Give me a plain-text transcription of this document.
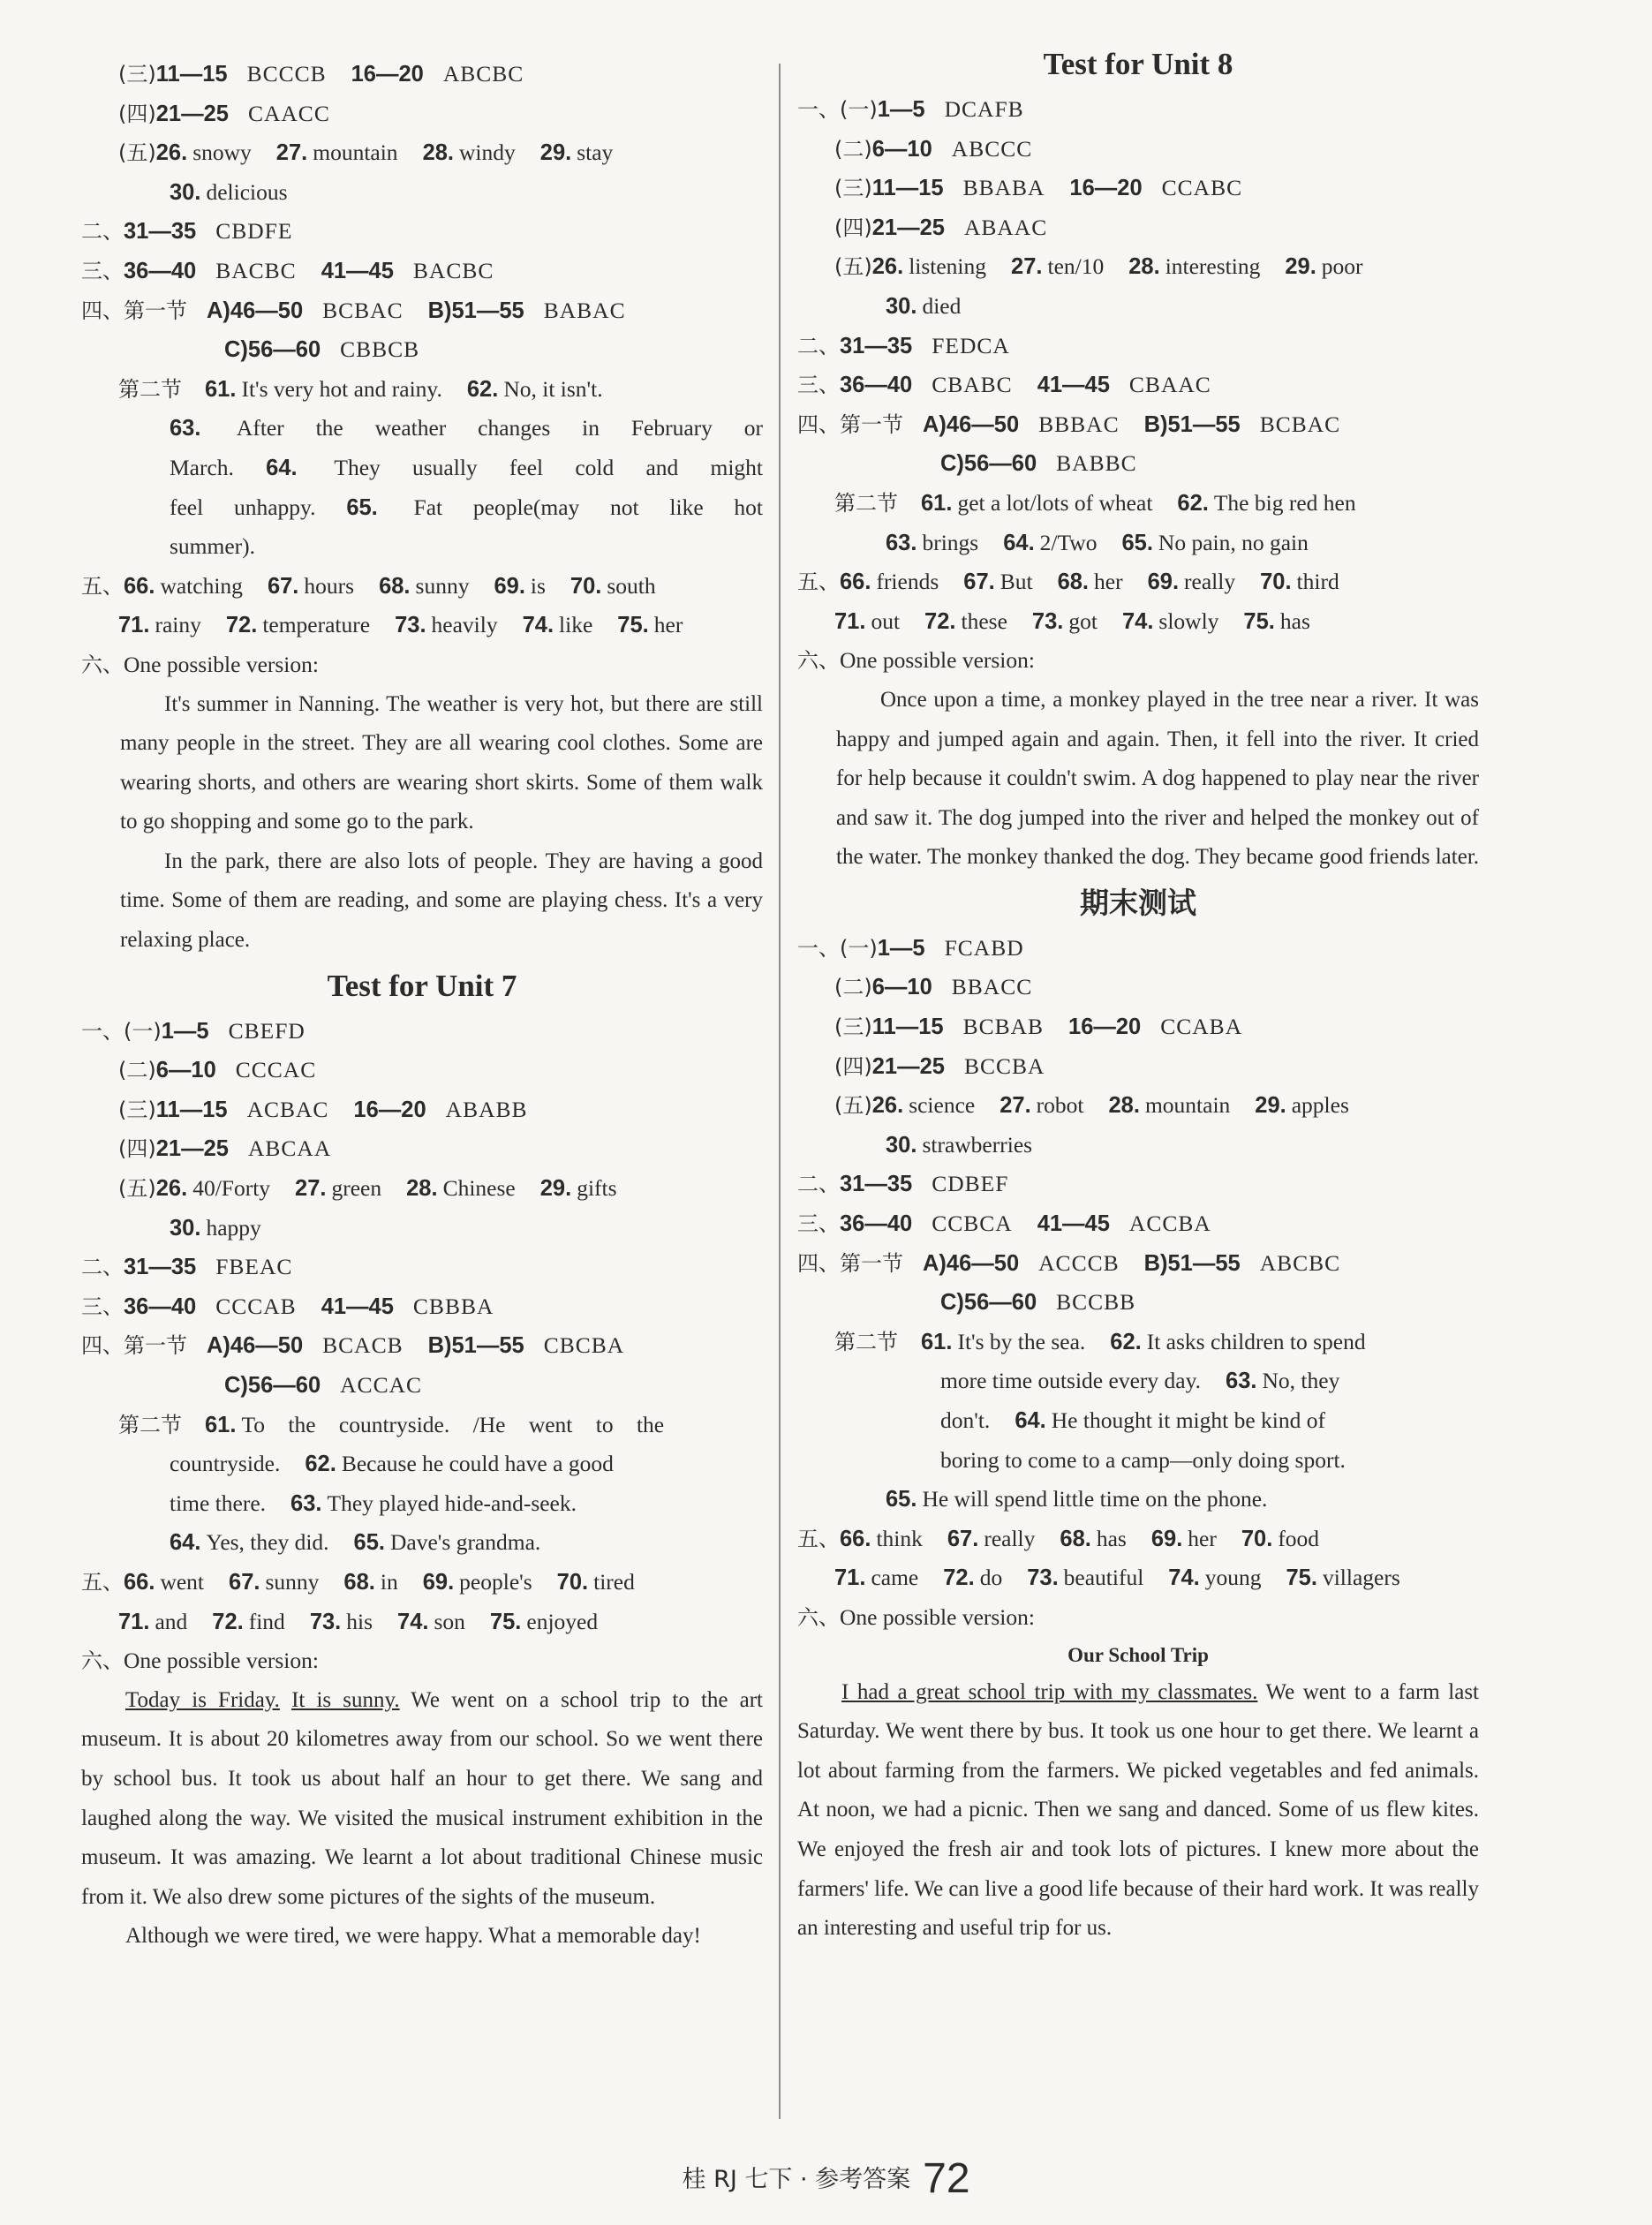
(三)11—15 BCCCB 16—20 ABCBC
(四)21—25 CAACC
(五)26. snowy 27. mountain 28. windy 29. stay
30. delicious
二、31—35 CBDFE
三、36—40 BACBC 41—45 BACBC
四、第一节 A)46—50 BCBAC B)51—55 BABAC
C)56—60 CBBCB
第二节 61. It's very hot and rainy. 62. No, it isn't.
63. After the weather changes in February or
March. 64. They usually feel cold and might
feel unhappy. 65. Fat people(may not like hot
summer).
五、66. watching 67. hours 68. sunny 69. is 70. south
71. rainy 72. temperature 73. heavily 74. like 75. her
六、One possible version:
It's summer in Nanning. The weather is very hot, but there are still many people in the street. They are all wearing cool clothes. Some are wearing shorts, and others are wearing short skirts. Some of them walk to go shopping and some go to the park.
In the park, there are also lots of people. They are having a good time. Some of them are reading, and some are playing chess. It's a very relaxing place.
Test for Unit 7
一、(一)1—5 CBEFD
(二)6—10 CCCAC
(三)11—15 ACBAC 16—20 ABABB
(四)21—25 ABCAA
(五)26. 40/Forty 27. green 28. Chinese 29. gifts
30. happy
二、31—35 FBEAC
三、36—40 CCCAB 41—45 CBBBA
四、第一节 A)46—50 BCACB B)51—55 CBCBA
C)56—60 ACCAC
第二节 61. To the countryside. /He went to the
countryside. 62. Because he could have a good
time there. 63. They played hide-and-seek.
64. Yes, they did. 65. Dave's grandma.
五、66. went 67. sunny 68. in 69. people's 70. tired
71. and 72. find 73. his 74. son 75. enjoyed
六、One possible version:
Today is Friday. It is sunny. We went on a school trip to the art museum. It is about 20 kilometres away from our school. So we went there by school bus. It took us about half an hour to get there. We sang and laughed along the way. We visited the musical instrument exhibition in the museum. It was amazing. We learnt a lot about traditional Chinese music from it. We also drew some pictures of the sights of the museum.
Although we were tired, we were happy. What a memorable day!
Test for Unit 8
一、(一)1—5 DCAFB
(二)6—10 ABCCC
(三)11—15 BBABA 16—20 CCABC
(四)21—25 ABAAC
(五)26. listening 27. ten/10 28. interesting 29. poor
30. died
二、31—35 FEDCA
三、36—40 CBABC 41—45 CBAAC
四、第一节 A)46—50 BBBAC B)51—55 BCBAC
C)56—60 BABBC
第二节 61. get a lot/lots of wheat 62. The big red hen
63. brings 64. 2/Two 65. No pain, no gain
五、66. friends 67. But 68. her 69. really 70. third
71. out 72. these 73. got 74. slowly 75. has
六、One possible version:
Once upon a time, a monkey played in the tree near a river. It was happy and jumped again and again. Then, it fell into the river. It cried for help because it couldn't swim. A dog happened to play near the river and saw it. The dog jumped into the river and helped the monkey out of the water. The monkey thanked the dog. They became good friends later.
期末测试
一、(一)1—5 FCABD
(二)6—10 BBACC
(三)11—15 BCBAB 16—20 CCABA
(四)21—25 BCCBA
(五)26. science 27. robot 28. mountain 29. apples
30. strawberries
二、31—35 CDBEF
三、36—40 CCBCA 41—45 ACCBA
四、第一节 A)46—50 ACCCB B)51—55 ABCBC
C)56—60 BCCBB
第二节 61. It's by the sea. 62. It asks children to spend
more time outside every day. 63. No, they
don't. 64. He thought it might be kind of
boring to come to a camp—only doing sport.
65. He will spend little time on the phone.
五、66. think 67. really 68. has 69. her 70. food
71. came 72. do 73. beautiful 74. young 75. villagers
六、One possible version:
Our School Trip
I had a great school trip with my classmates. We went to a farm last Saturday. We went there by bus. It took us one hour to get there. We learnt a lot about farming from the farmers. We picked vegetables and fed animals. At noon, we had a picnic. Then we sang and danced. Some of us flew kites. We enjoyed the fresh air and took lots of pictures. I knew more about the farmers' life. We can live a good life because of their hard work. It was really an interesting and useful trip for us.
桂 RJ 七下 · 参考答案 72
